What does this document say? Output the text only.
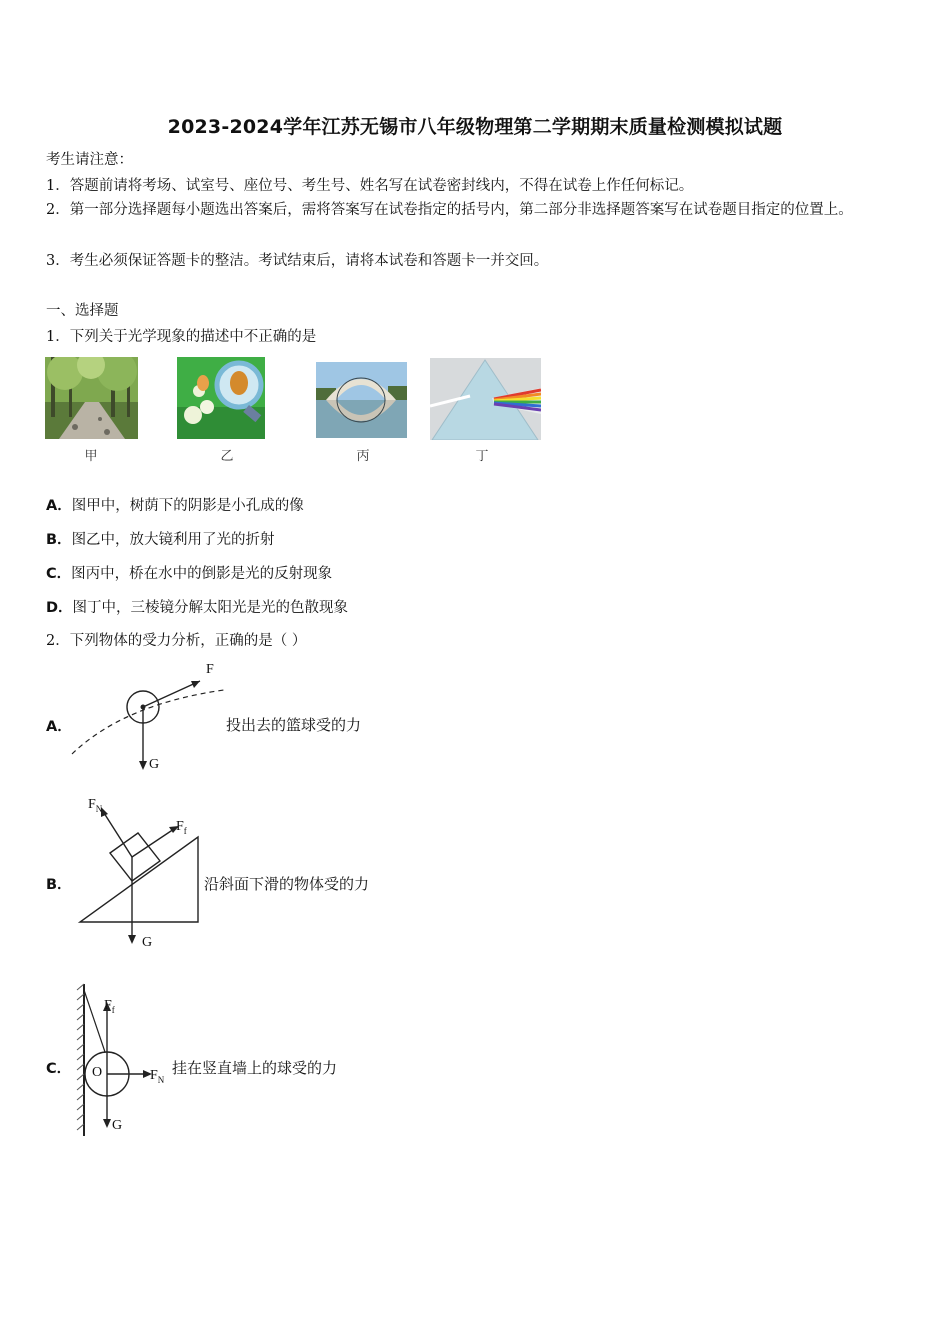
2023-2024学年江苏无锡市八年级物理第二学期期末质量检测模拟试题
考生请注意：
1．答题前请将考场、试室号、座位号、考生号、姓名写在试卷密封线内，不得在试卷上作任何标记。
2．第一部分选择题每小题选出答案后，需将答案写在试卷指定的括号内，第二部分非选择题答案写在试卷题目指定的位置上。
3．考生必须保证答题卡的整洁。考试结束后，请将本试卷和答题卡一并交回。
一、选择题
1．下列关于光学现象的描述中不正确的是
甲	乙	丙	丁
A．图甲中，树荫下的阴影是小孔成的像
B．图乙中，放大镜利用了光的折射
C．图丙中，桥在水中的倒影是光的反射现象
D．图丁中，三棱镜分解太阳光是光的色散现象
2．下列物体的受力分析，正确的是（ ）
A．
F
G
投出去的篮球受的力
B．
$F_N$
$F_f$
G
沿斜面下滑的物体受的力
C．
$F_f$
O	$F_N$
G
挂在竖直墙上的球受的力
